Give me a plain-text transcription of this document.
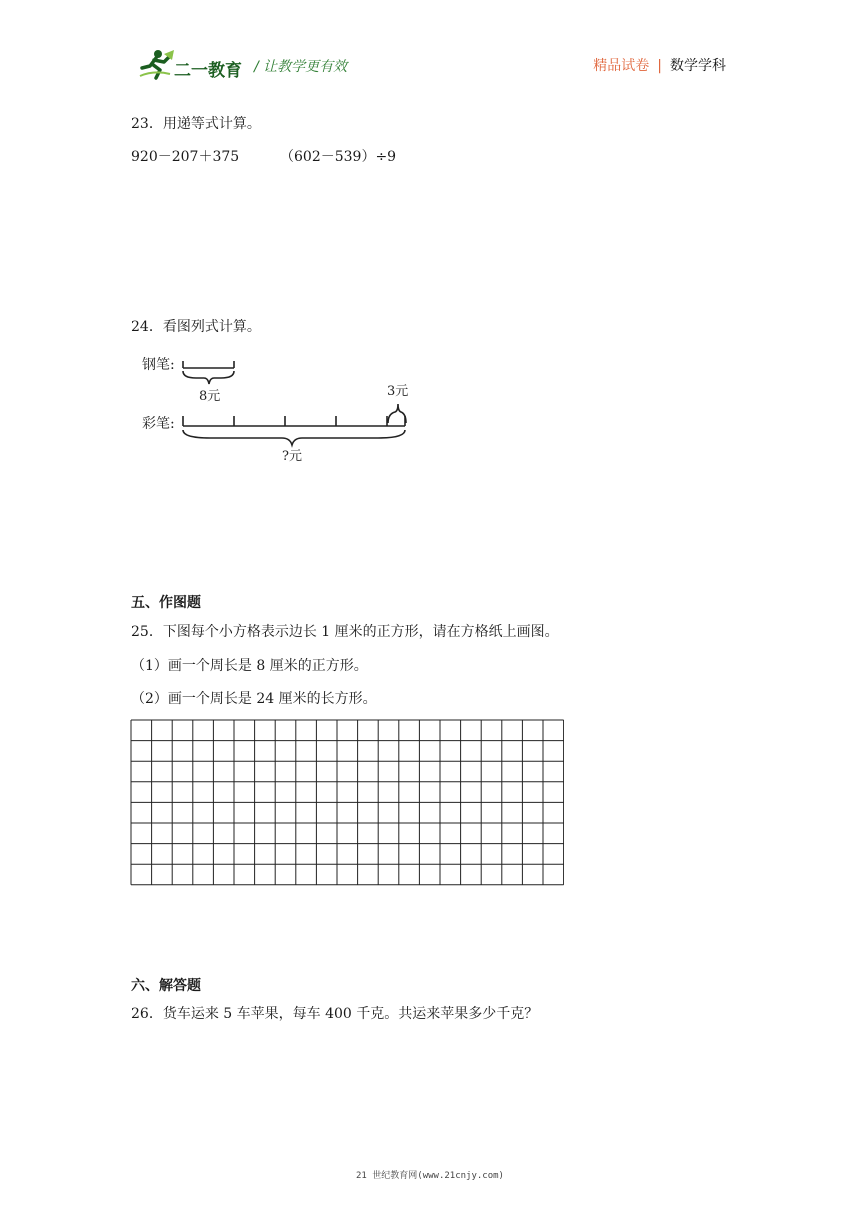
二一教育 / 让教学更有效	精品试卷 | 数学学科
23．用递等式计算。
920－207＋375	（602－539）÷9
24．看图列式计算。
钢笔:
8元	3元
彩笔:
?元
五、作图题
25．下图每个小方格表示边长 1 厘米的正方形，请在方格纸上画图。
（1）画一个周长是 8 厘米的正方形。
（2）画一个周长是 24 厘米的长方形。
六、解答题
26．货车运来 5 车苹果，每车 400 千克。共运来苹果多少千克？
21 世纪教育网(www.21cnjy.com)
